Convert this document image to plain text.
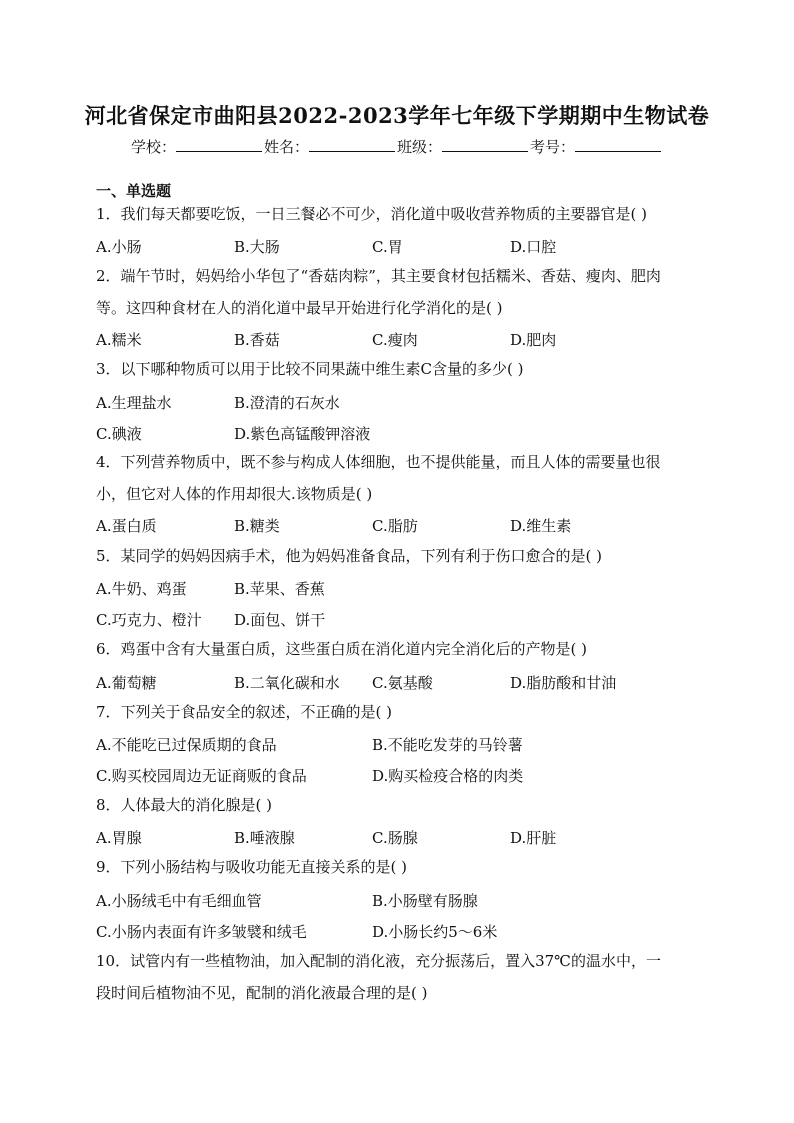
河北省保定市曲阳县2022-2023学年七年级下学期期中生物试卷
学校：	姓名：	班级：	考号：
一、单选题

1．我们每天都要吃饭，一日三餐必不可少，消化道中吸收营养物质的主要器官是( )

A.小肠	B.大肠	C.胃	D.口腔

2．端午节时，妈妈给小华包了“香菇肉粽”，其主要食材包括糯米、香菇、瘦肉、肥肉

等。这四种食材在人的消化道中最早开始进行化学消化的是( )

A.糯米	B.香菇	C.瘦肉	D.肥肉

3．以下哪种物质可以用于比较不同果蔬中维生素C含量的多少( )

A.生理盐水	B.澄清的石灰水
C.碘液	D.紫色高锰酸钾溶液

4．下列营养物质中，既不参与构成人体细胞，也不提供能量，而且人体的需要量也很

小，但它对人体的作用却很大.该物质是( )

A.蛋白质	B.糖类	C.脂肪	D.维生素

5．某同学的妈妈因病手术，他为妈妈准备食品，下列有利于伤口愈合的是( )

A.牛奶、鸡蛋	B.苹果、香蕉
C.巧克力、橙汁 D.面包、饼干

6．鸡蛋中含有大量蛋白质，这些蛋白质在消化道内完全消化后的产物是( )

A.葡萄糖	B.二氧化碳和水 C.氨基酸	D.脂肪酸和甘油

7．下列关于食品安全的叙述，不正确的是( )

A.不能吃已过保质期的食品	B.不能吃发芽的马铃薯
C.购买校园周边无证商贩的食品	D.购买检疫合格的肉类

8．人体最大的消化腺是( )

A.胃腺	B.唾液腺	C.肠腺	D.肝脏

9．下列小肠结构与吸收功能无直接关系的是( )

A.小肠绒毛中有毛细血管	B.小肠壁有肠腺
C.小肠内表面有许多皱襞和绒毛	D.小肠长约5～6米

10．试管内有一些植物油，加入配制的消化液，充分振荡后，置入37℃的温水中，一

段时间后植物油不见，配制的消化液最合理的是( )
